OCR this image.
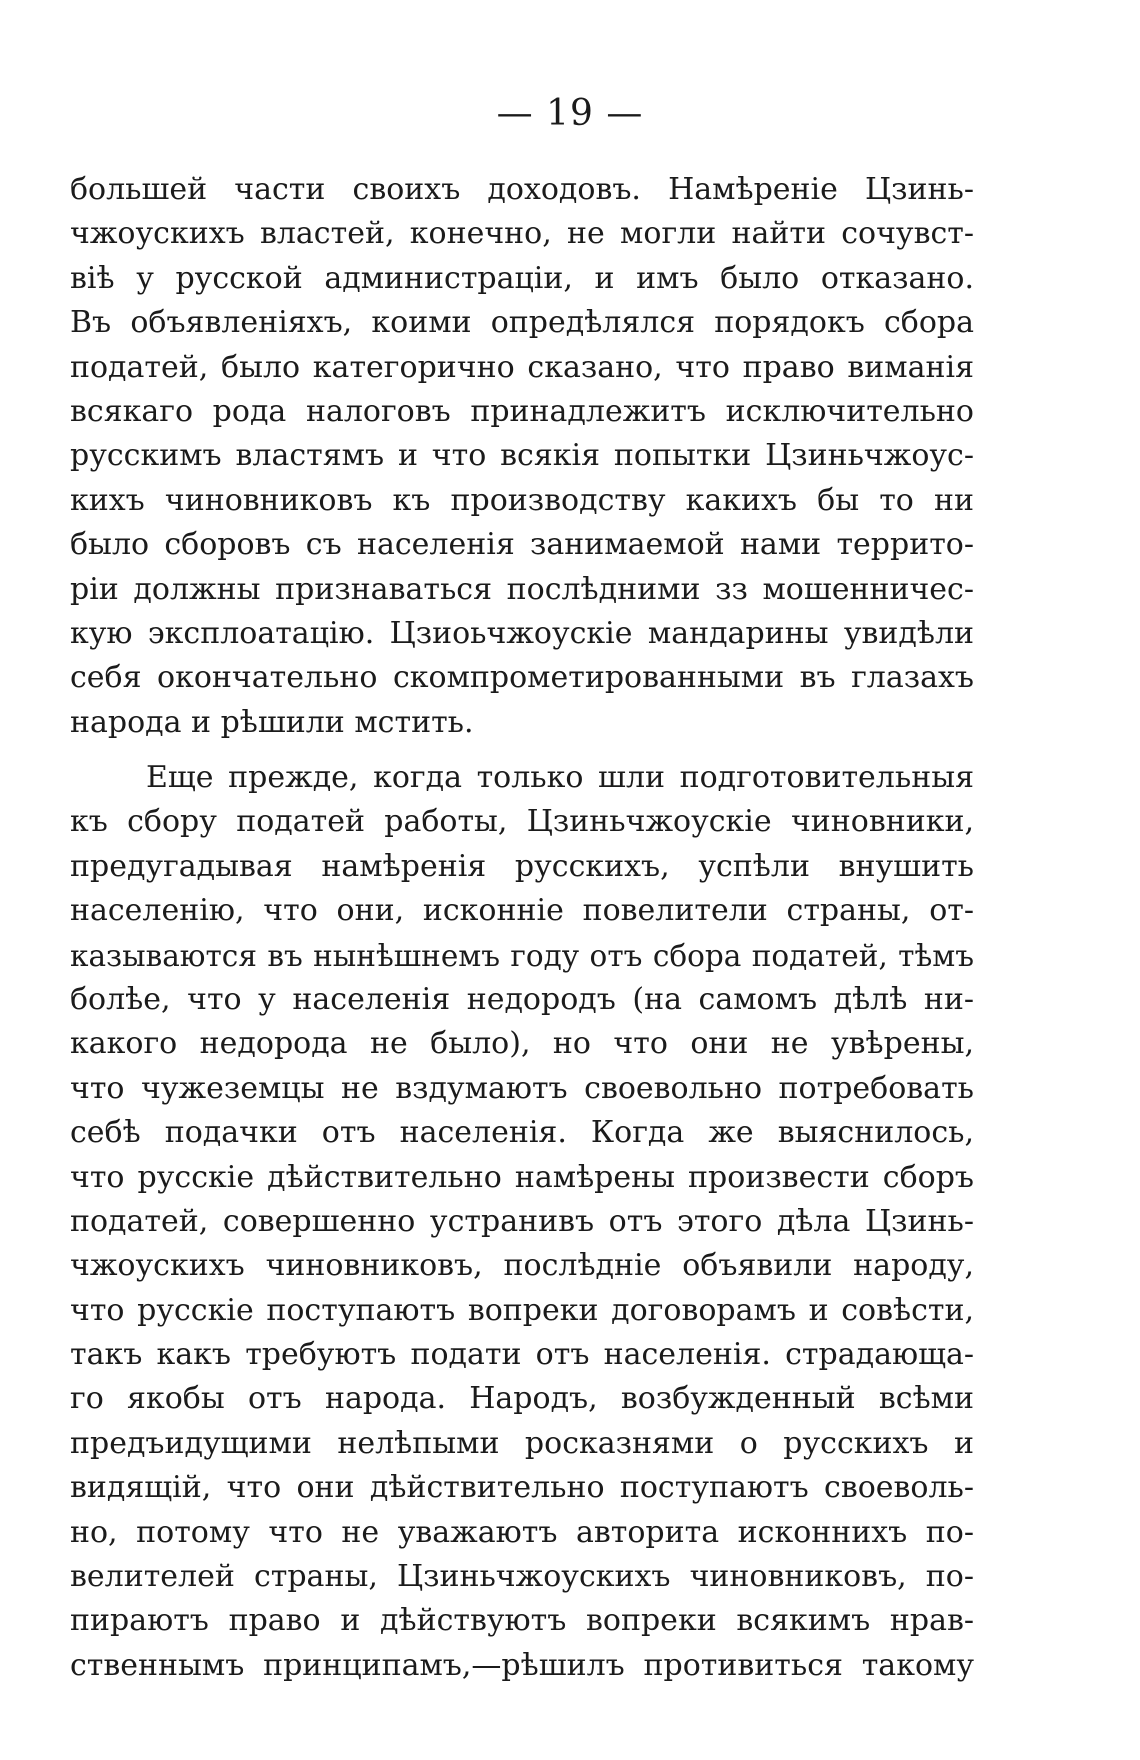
— 19 —
большей части своихъ доходовъ. Намѣреніе Цзинь-
чжоускихъ властей, конечно, не могли найти сочувст-
віѣ у русской администраціи, и имъ было отказано.
Въ объявленіяхъ, коими опредѣлялся порядокъ сбора
податей, было категорично сказано, что право виманія
всякаго рода налоговъ принадлежитъ исключительно
русскимъ властямъ и что всякія попытки Цзиньчжоус-
кихъ чиновниковъ къ производству какихъ бы то ни
было сборовъ съ населенія занимаемой нами террито-
ріи должны признаваться послѣдними зз мошенничес-
кую эксплоатацію. Цзиоьчжоускіе мандарины увидѣли
себя окончательно скомпрометированными въ глазахъ
народа и рѣшили мстить.
Еще прежде, когда только шли подготовительныя
къ сбору податей работы, Цзиньчжоускіе чиновники,
предугадывая намѣренія русскихъ, успѣли внушить
населенію, что они, исконніе повелители страны, от-
казываются въ нынѣшнемъ году отъ сбора податей, тѣмъ
болѣе, что у населенія недородъ (на самомъ дѣлѣ ни-
какого недорода не было), но что они не увѣрены,
что чужеземцы не вздумаютъ своевольно потребовать
себѣ подачки отъ населенія. Когда же выяснилось,
что русскіе дѣйствительно намѣрены произвести сборъ
податей, совершенно устранивъ отъ этого дѣла Цзинь-
чжоускихъ чиновниковъ, послѣдніе объявили народу,
что русскіе поступаютъ вопреки договорамъ и совѣсти,
такъ какъ требуютъ подати отъ населенія. страдающа-
го якобы отъ народа. Народъ, возбужденный всѣми
предъидущими нелѣпыми росказнями о русскихъ и
видящій, что они дѣйствительно поступаютъ своеволь-
но, потому что не уважаютъ авторита исконнихъ по-
велителей страны, Цзиньчжоускихъ чиновниковъ, по-
пираютъ право и дѣйствуютъ вопреки всякимъ нрав-
ственнымъ принципамъ,—рѣшилъ противиться такому
